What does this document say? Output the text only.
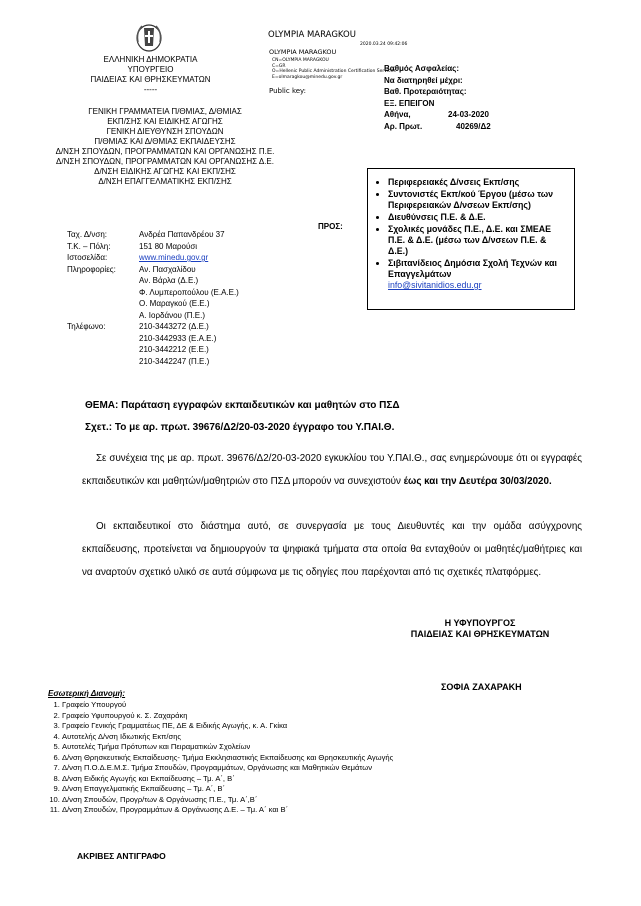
ΕΛΛΗΝΙΚΗ ΔΗΜΟΚΡΑΤΙΑ
ΥΠΟΥΡΓΕΙΟ
ΠΑΙΔΕΙΑΣ ΚΑΙ ΘΡΗΣΚΕΥΜΑΤΩΝ
-----
ΓΕΝΙΚΗ ΓΡΑΜΜΑΤΕΙΑ Π/ΘΜΙΑΣ, Δ/ΘΜΙΑΣ
ΕΚΠ/ΣΗΣ ΚΑΙ ΕΙΔΙΚΗΣ ΑΓΩΓΗΣ
ΓΕΝΙΚΗ ΔΙΕΥΘΥΝΣΗ ΣΠΟΥΔΩΝ
Π/ΘΜΙΑΣ ΚΑΙ Δ/ΘΜΙΑΣ ΕΚΠΑΙΔΕΥΣΗΣ
Δ/ΝΣΗ ΣΠΟΥΔΩΝ, ΠΡΟΓΡΑΜΜΑΤΩΝ ΚΑΙ ΟΡΓΑΝΩΣΗΣ Π.Ε.
Δ/ΝΣΗ ΣΠΟΥΔΩΝ, ΠΡΟΓΡΑΜΜΑΤΩΝ ΚΑΙ ΟΡΓΑΝΩΣΗΣ Δ.Ε.
Δ/ΝΣΗ ΕΙΔΙΚΗΣ ΑΓΩΓΗΣ ΚΑΙ ΕΚΠ/ΣΗΣ
Δ/ΝΣΗ ΕΠΑΓΓΕΛΜΑΤΙΚΗΣ ΕΚΠ/ΣΗΣ
OLYMPIA MARAGKOU
2020.03.24 09:42:06
OLYMPIA MARAGKOU
CN=OLYMPIA MARAGKOU
C=GR
O=Hellenic Public Administration Certification Services
E=olmaragkou@minedu.gov.gr
Public key:
Βαθμός Ασφαλείας:
Να διατηρηθεί μέχρι:
Βαθ. Προτεραιότητας:
ΕΞ. ΕΠΕΙΓΟΝ
Αθήνα,	24-03-2020
Αρ. Πρωτ.	40269/Δ2
ΠΡΟΣ:
• Περιφερειακές Δ/νσεις Εκπ/σης
• Συντονιστές Εκπ/κού Έργου (μέσω των Περιφερειακών Δ/νσεων Εκπ/σης)
• Διευθύνσεις Π.Ε. & Δ.Ε.
• Σχολικές μονάδες Π.Ε., Δ.Ε. και ΣΜΕΑΕ Π.Ε. & Δ.Ε. (μέσω των Δ/νσεων Π.Ε. & Δ.Ε.)
• Σιβιτανίδειος Δημόσια Σχολή Τεχνών και Επαγγελμάτων
info@sivitanidios.edu.gr
Ταχ. Δ/νση:	Ανδρέα Παπανδρέου 37
Τ.Κ. – Πόλη:	151 80 Μαρούσι
Ιστοσελίδα:	www.minedu.gov.gr
Πληροφορίες:	Αν. Πασχαλίδου
Αν. Βάρλα (Δ.Ε.)
Φ. Λυμπεροπούλου (Ε.Α.Ε.)
Ο. Μαραγκού (Ε.Ε.)
Α. Ιορδάνου (Π.Ε.)
Τηλέφωνο:	210-3443272 (Δ.Ε.)
210-3442933 (Ε.Α.Ε.)
210-3442212 (Ε.Ε.)
210-3442247 (Π.Ε.)
ΘΕΜΑ: Παράταση εγγραφών εκπαιδευτικών και μαθητών στο ΠΣΔ
Σχετ.: Το με αρ. πρωτ. 39676/Δ2/20-03-2020 έγγραφο του Υ.ΠΑΙ.Θ.
Σε συνέχεια της με αρ. πρωτ. 39676/Δ2/20-03-2020 εγκυκλίου του Υ.ΠΑΙ.Θ., σας ενημερώνουμε ότι οι εγγραφές εκπαιδευτικών και μαθητών/μαθητριών στο ΠΣΔ μπορούν να συνεχιστούν έως και την Δευτέρα 30/03/2020.
Οι εκπαιδευτικοί στο διάστημα αυτό, σε συνεργασία με τους Διευθυντές και την ομάδα ασύγχρονης εκπαίδευσης, προτείνεται να δημιουργούν τα ψηφιακά τμήματα στα οποία θα ενταχθούν οι μαθητές/μαθήτριες και να αναρτούν σχετικό υλικό σε αυτά σύμφωνα με τις οδηγίες που παρέχονται από τις σχετικές πλατφόρμες.
Η ΥΦΥΠΟΥΡΓΟΣ
ΠΑΙΔΕΙΑΣ ΚΑΙ ΘΡΗΣΚΕΥΜΑΤΩΝ
ΣΟΦΙΑ ΖΑΧΑΡΑΚΗ
Εσωτερική Διανομή:
1. Γραφείο Υπουργού
2. Γραφείο Υφυπουργού κ. Σ. Ζαχαράκη
3. Γραφείο Γενικής Γραμματέως ΠΕ, ΔΕ & Ειδικής Αγωγής, κ. Α. Γκίκα
4. Αυτοτελής Δ/νση Ιδιωτικής Εκπ/σης
5. Αυτοτελές Τμήμα Πρότυπων και Πειραματικών Σχολείων
6. Δ/νση Θρησκευτικής Εκπαίδευσης- Τμήμα Εκκλησιαστικής Εκπαίδευσης και Θρησκευτικής Αγωγής
7. Δ/νση Π.Ο.Δ.Ε.Μ.Σ. Τμήμα Σπουδών, Προγραμμάτων, Οργάνωσης και Μαθητικών Θεμάτων
8. Δ/νση Ειδικής Αγωγής και Εκπαίδευσης – Τμ. Α΄, Β΄
9. Δ/νση Επαγγελματικής Εκπαίδευσης – Τμ. Α΄, Β΄
10. Δ/νση Σπουδών, Προγρ/των & Οργάνωσης Π.Ε., Τμ. Α΄,Β΄
11. Δ/νση Σπουδών, Προγραμμάτων & Οργάνωσης Δ.Ε. – Τμ. Α΄ και Β΄
ΑΚΡΙΒΕΣ ΑΝΤΙΓΡΑΦΟ
